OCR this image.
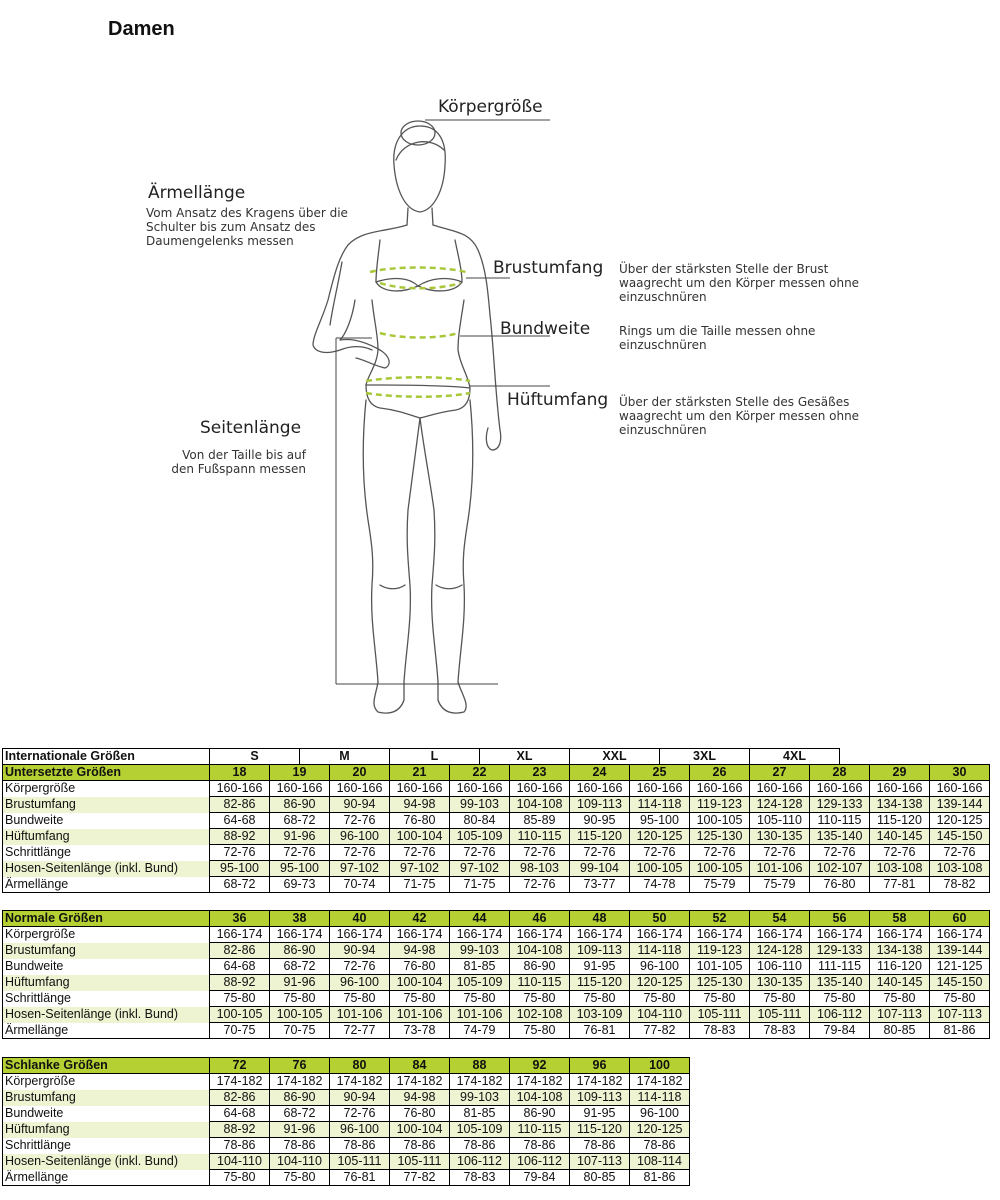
Damen
Körpergröße
Ärmellänge
Vom Ansatz des Kragens über die
Schulter bis zum Ansatz des
Daumengelenks messen
Brustumfang Über der stärksten Stelle der Brust
waagrecht um den Körper messen ohne
einzuschnüren
Bundweite Rings um die Taille messen ohne
einzuschnüren
Hüftumfang Über der stärksten Stelle des Gesäßes
waagrecht um den Körper messen ohne
einzuschnüren
Seitenlänge
Von der Taille bis auf
den Fußspann messen
Internationale Größen	S	M	L	XL	XXL	3XL	4XL
Untersetzte Größen	18	19	20	21	22	23	24	25	26	27	28	29	30
Körpergröße	160-166	160-166	160-166	160-166	160-166	160-166	160-166	160-166	160-166	160-166	160-166	160-166	160-166
Brustumfang	82-86	86-90	90-94	94-98	99-103	104-108	109-113	114-118	119-123	124-128	129-133	134-138	139-144
Bundweite	64-68	68-72	72-76	76-80	80-84	85-89	90-95	95-100	100-105	105-110	110-115	115-120	120-125
Hüftumfang	88-92	91-96	96-100	100-104	105-109	110-115	115-120	120-125	125-130	130-135	135-140	140-145	145-150
Schrittlänge	72-76	72-76	72-76	72-76	72-76	72-76	72-76	72-76	72-76	72-76	72-76	72-76	72-76
Hosen-Seitenlänge (inkl. Bund)	95-100	95-100	97-102	97-102	97-102	98-103	99-104	100-105	100-105	101-106	102-107	103-108	103-108
Ärmellänge	68-72	69-73	70-74	71-75	71-75	72-76	73-77	74-78	75-79	75-79	76-80	77-81	78-82
Normale Größen	36	38	40	42	44	46	48	50	52	54	56	58	60
Körpergröße	166-174	166-174	166-174	166-174	166-174	166-174	166-174	166-174	166-174	166-174	166-174	166-174	166-174
Brustumfang	82-86	86-90	90-94	94-98	99-103	104-108	109-113	114-118	119-123	124-128	129-133	134-138	139-144
Bundweite	64-68	68-72	72-76	76-80	81-85	86-90	91-95	96-100	101-105	106-110	111-115	116-120	121-125
Hüftumfang	88-92	91-96	96-100	100-104	105-109	110-115	115-120	120-125	125-130	130-135	135-140	140-145	145-150
Schrittlänge	75-80	75-80	75-80	75-80	75-80	75-80	75-80	75-80	75-80	75-80	75-80	75-80	75-80
Hosen-Seitenlänge (inkl. Bund)	100-105	100-105	101-106	101-106	101-106	102-108	103-109	104-110	105-111	105-111	106-112	107-113	107-113
Ärmellänge	70-75	70-75	72-77	73-78	74-79	75-80	76-81	77-82	78-83	78-83	79-84	80-85	81-86
Schlanke Größen	72	76	80	84	88	92	96	100
Körpergröße	174-182	174-182	174-182	174-182	174-182	174-182	174-182	174-182
Brustumfang	82-86	86-90	90-94	94-98	99-103	104-108	109-113	114-118
Bundweite	64-68	68-72	72-76	76-80	81-85	86-90	91-95	96-100
Hüftumfang	88-92	91-96	96-100	100-104	105-109	110-115	115-120	120-125
Schrittlänge	78-86	78-86	78-86	78-86	78-86	78-86	78-86	78-86
Hosen-Seitenlänge (inkl. Bund)	104-110	104-110	105-111	105-111	106-112	106-112	107-113	108-114
Ärmellänge	75-80	75-80	76-81	77-82	78-83	79-84	80-85	81-86
